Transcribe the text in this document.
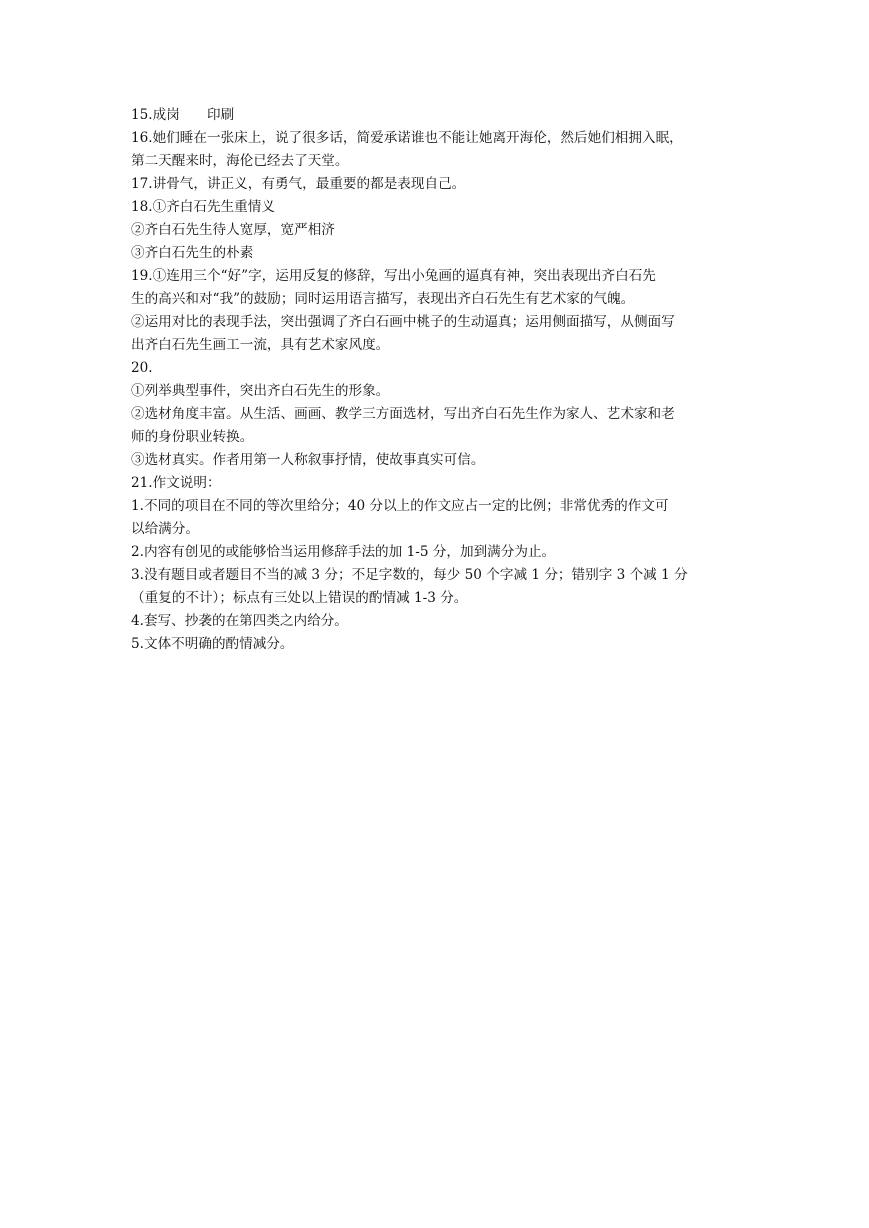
15.成岗　　印刷
16.她们睡在一张床上，说了很多话，简爱承诺谁也不能让她离开海伦，然后她们相拥入眠，
第二天醒来时，海伦已经去了天堂。
17.讲骨气，讲正义，有勇气，最重要的都是表现自己。
18.①齐白石先生重情义
②齐白石先生待人宽厚，宽严相济
③齐白石先生的朴素
19.①连用三个“好”字，运用反复的修辞，写出小兔画的逼真有神，突出表现出齐白石先
生的高兴和对“我”的鼓励；同时运用语言描写，表现出齐白石先生有艺术家的气魄。
②运用对比的表现手法，突出强调了齐白石画中桃子的生动逼真；运用侧面描写，从侧面写
出齐白石先生画工一流，具有艺术家风度。
20.
①列举典型事件，突出齐白石先生的形象。
②选材角度丰富。从生活、画画、教学三方面选材，写出齐白石先生作为家人、艺术家和老
师的身份职业转换。
③选材真实。作者用第一人称叙事抒情，使故事真实可信。
21.作文说明：
1.不同的项目在不同的等次里给分；40 分以上的作文应占一定的比例；非常优秀的作文可
以给满分。
2.内容有创见的或能够恰当运用修辞手法的加 1-5 分，加到满分为止。
3.没有题目或者题目不当的减 3 分；不足字数的，每少 50 个字减 1 分；错别字 3 个减 1 分
（重复的不计）；标点有三处以上错误的酌情减 1-3 分。
4.套写、抄袭的在第四类之内给分。
5.文体不明确的酌情减分。
